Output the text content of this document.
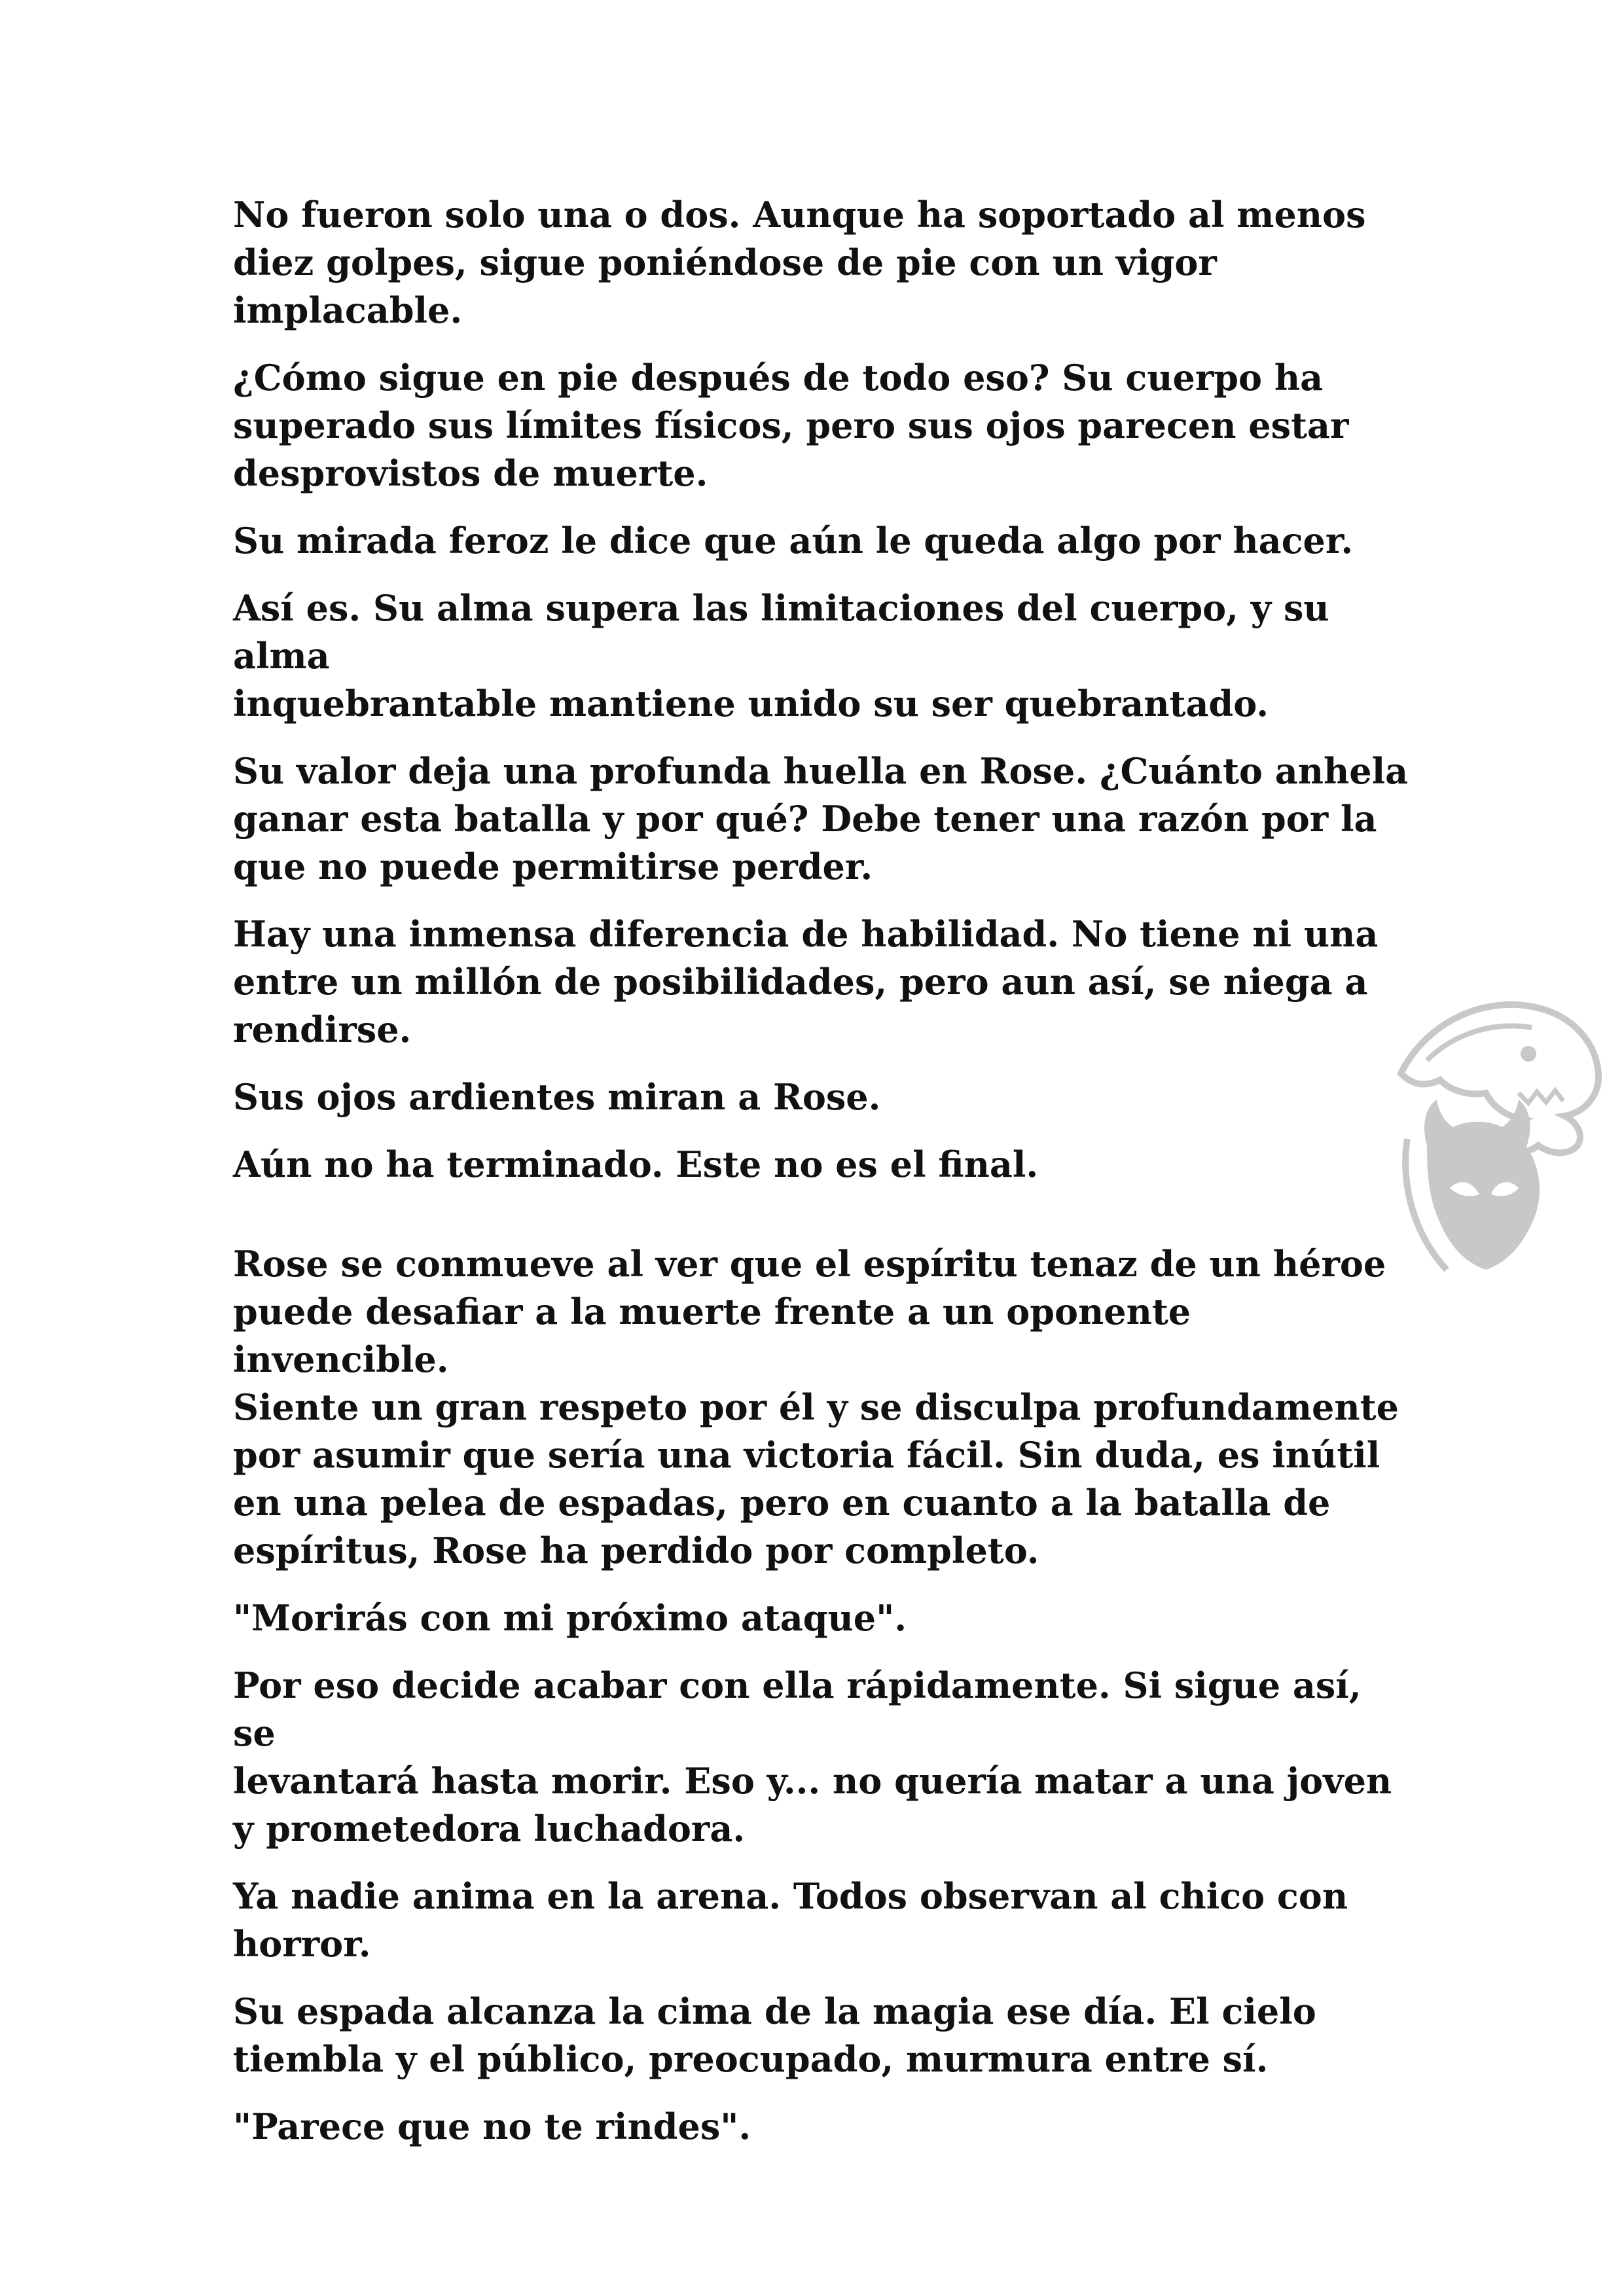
No fueron solo una o dos. Aunque ha soportado al menos
diez golpes, sigue poniéndose de pie con un vigor
implacable.

¿Cómo sigue en pie después de todo eso? Su cuerpo ha
superado sus límites físicos, pero sus ojos parecen estar
desprovistos de muerte.

Su mirada feroz le dice que aún le queda algo por hacer.

Así es. Su alma supera las limitaciones del cuerpo, y su alma
inquebrantable mantiene unido su ser quebrantado.

Su valor deja una profunda huella en Rose. ¿Cuánto anhela
ganar esta batalla y por qué? Debe tener una razón por la
que no puede permitirse perder.

Hay una inmensa diferencia de habilidad. No tiene ni una
entre un millón de posibilidades, pero aun así, se niega a
rendirse.

Sus ojos ardientes miran a Rose.

Aún no ha terminado. Este no es el final.

Rose se conmueve al ver que el espíritu tenaz de un héroe
puede desafiar a la muerte frente a un oponente invencible.
Siente un gran respeto por él y se disculpa profundamente
por asumir que sería una victoria fácil. Sin duda, es inútil
en una pelea de espadas, pero en cuanto a la batalla de
espíritus, Rose ha perdido por completo.

"Morirás con mi próximo ataque".

Por eso decide acabar con ella rápidamente. Si sigue así, se
levantará hasta morir. Eso y... no quería matar a una joven
y prometedora luchadora.

Ya nadie anima en la arena. Todos observan al chico con
horror.

Su espada alcanza la cima de la magia ese día. El cielo
tiembla y el público, preocupado, murmura entre sí.

"Parece que no te rindes".
